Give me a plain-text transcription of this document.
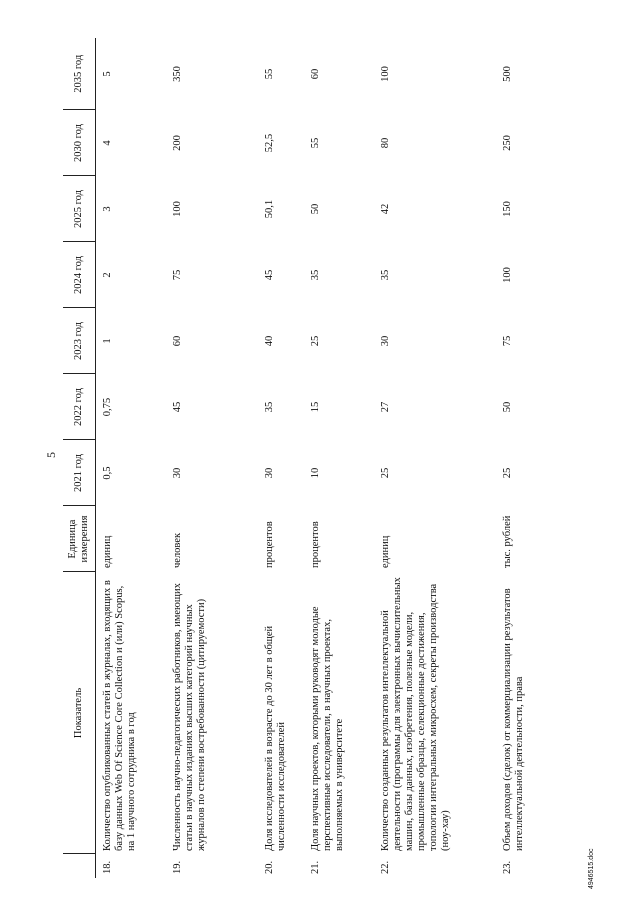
5
	Показатель	Единица измерения	2021 год	2022 год	2023 год	2024 год	2025 год	2030 год	2035 год
18.	Количество опубликованных статей в журналах, входящих в базу данных Web Of Science Core Collection и (или) Scopus, на 1 научного сотрудника в год	единиц	0,5	0,75	1	2	3	4	5
19.	Численность научно-педагогических работников, имеющих статьи в научных изданиях высших категорий научных журналов по степени востребованности (цитируемости)	человек	30	45	60	75	100	200	350
20.	Доля исследователей в возрасте до 30 лет в общей численности исследователей	процентов	30	35	40	45	50,1	52,5	55
21.	Доля научных проектов, которыми руководят молодые перспективные исследователи, в научных проектах, выполняемых в университете	процентов	10	15	25	35	50	55	60
22.	Количество созданных результатов интеллектуальной деятельности (программы для электронных вычислительных машин, базы данных, изобретения, полезные модели, промышленные образцы, селекционные достижения, топологии интегральных микросхем, секреты производства (ноу-хау)	единиц	25	27	30	35	42	80	100
23.	Объем доходов (сделок) от коммерциализации результатов интеллектуальной деятельности, права	тыс. рублей	25	50	75	100	150	250	500
4946515.doc
